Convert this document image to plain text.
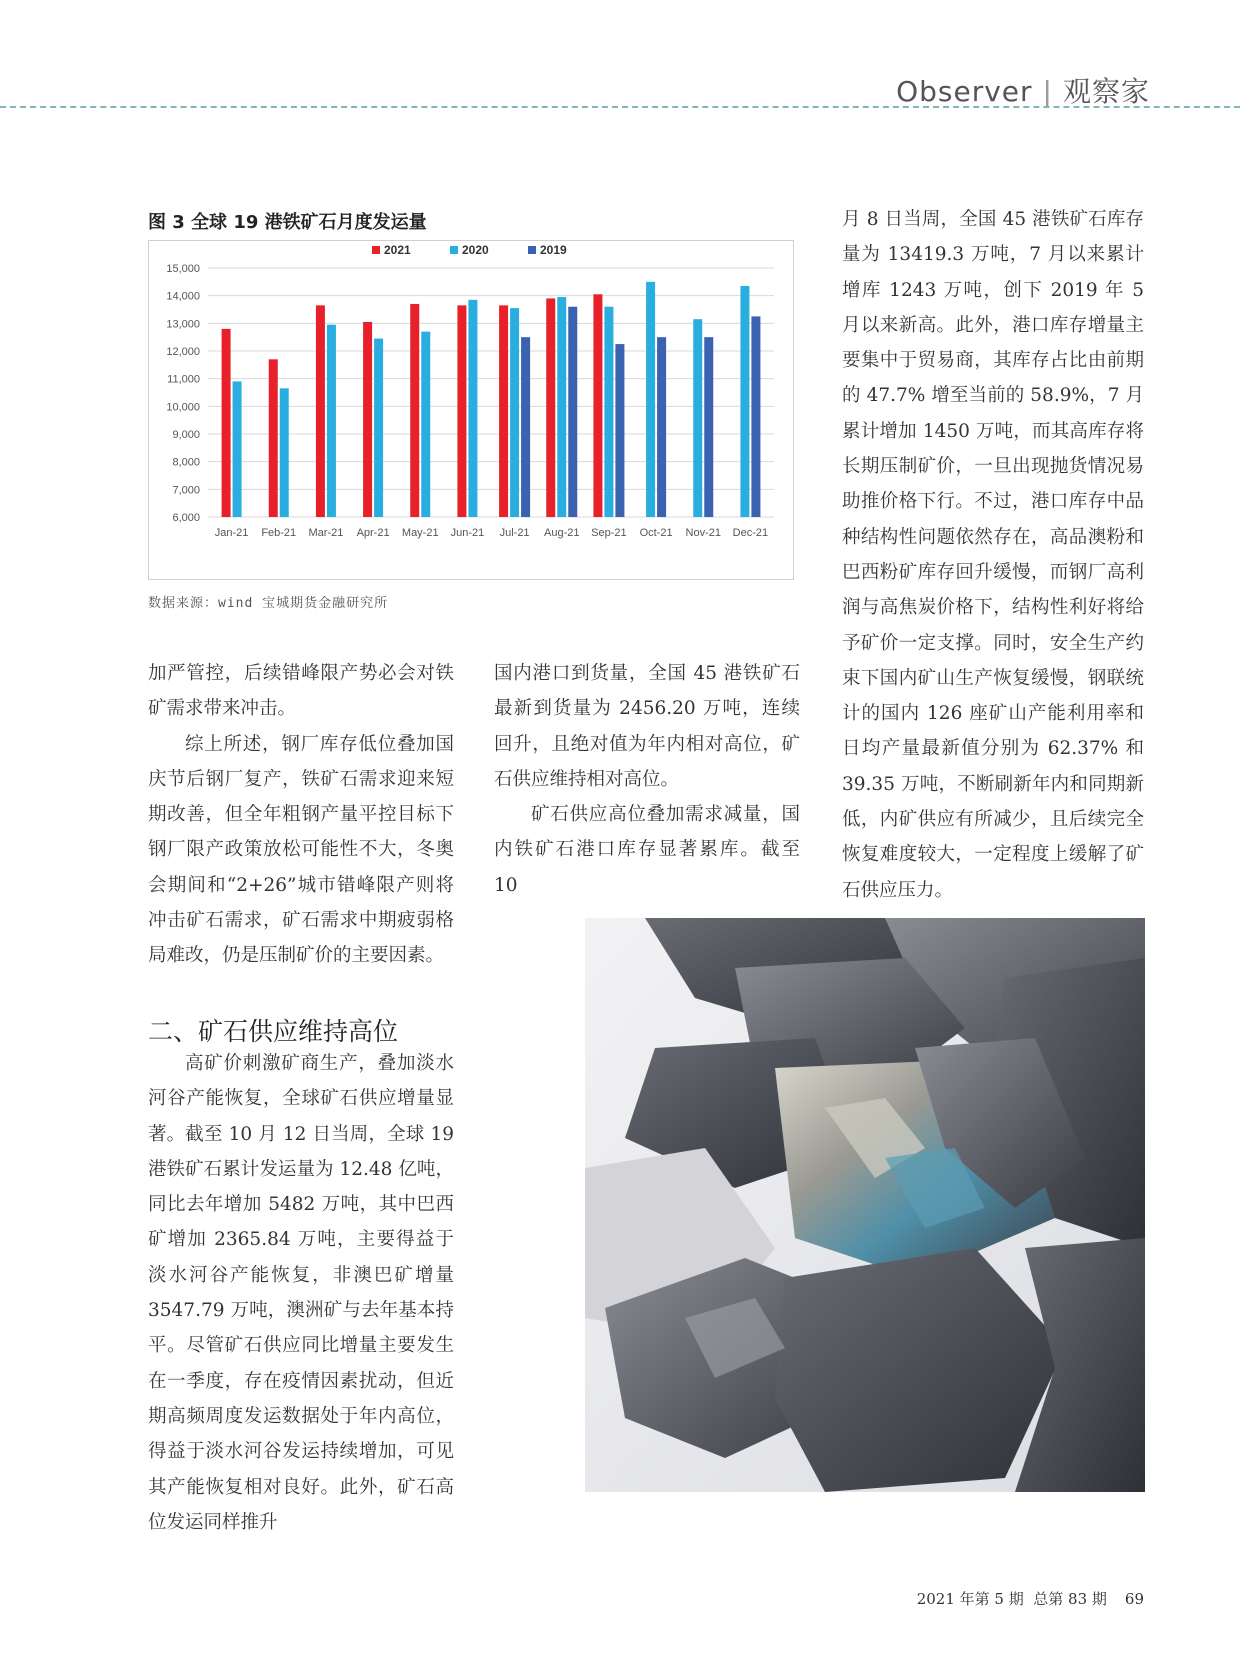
Observer | 观察家
图 3 全球 19 港铁矿石月度发运量
6,000
7,000
8,000
9,000
10,000
11,000
12,000
13,000
14,000
15,000
Jan-21 Feb-21 Mar-21 Apr-21 May-21 Jun-21 Jul-21 Aug-21 Sep-21 Oct-21 Nov-21 Dec-21
2021	2020	2019
数据来源：wind 宝城期货金融研究所

加严管控，后续错峰限产势必会对铁矿需求带来冲击。

综上所述，钢厂库存低位叠加国庆节后钢厂复产，铁矿石需求迎来短期改善，但全年粗钢产量平控目标下钢厂限产政策放松可能性不大，冬奥会期间和“2+26”城市错峰限产则将冲击矿石需求，矿石需求中期疲弱格局难改，仍是压制矿价的主要因素。

二、矿石供应维持高位

高矿价刺激矿商生产，叠加淡水河谷产能恢复，全球矿石供应增量显著。截至 10 月 12 日当周，全球 19 港铁矿石累计发运量为 12.48 亿吨，同比去年增加 5482 万吨，其中巴西矿增加 2365.84 万吨，主要得益于淡水河谷产能恢复，非澳巴矿增量 3547.79 万吨，澳洲矿与去年基本持平。尽管矿石供应同比增量主要发生在一季度，存在疫情因素扰动，但近期高频周度发运数据处于年内高位，得益于淡水河谷发运持续增加，可见其产能恢复相对良好。此外，矿石高位发运同样推升

国内港口到货量，全国 45 港铁矿石最新到货量为 2456.20 万吨，连续回升，且绝对值为年内相对高位，矿石供应维持相对高位。

矿石供应高位叠加需求减量，国内铁矿石港口库存显著累库。截至 10

月 8 日当周，全国 45 港铁矿石库存量为 13419.3 万吨，7 月以来累计增库 1243 万吨，创下 2019 年 5 月以来新高。此外，港口库存增量主要集中于贸易商，其库存占比由前期的 47.7% 增至当前的 58.9%，7 月累计增加 1450 万吨，而其高库存将长期压制矿价，一旦出现抛货情况易助推价格下行。不过，港口库存中品种结构性问题依然存在，高品澳粉和巴西粉矿库存回升缓慢，而钢厂高利润与高焦炭价格下，结构性利好将给予矿价一定支撑。同时，安全生产约束下国内矿山生产恢复缓慢，钢联统计的国内 126 座矿山产能利用率和日均产量最新值分别为 62.37% 和 39.35 万吨，不断刷新年内和同期新低，内矿供应有所减少，且后续完全恢复难度较大，一定程度上缓解了矿石供应压力。

2021 年第 5 期  总第 83 期 69
